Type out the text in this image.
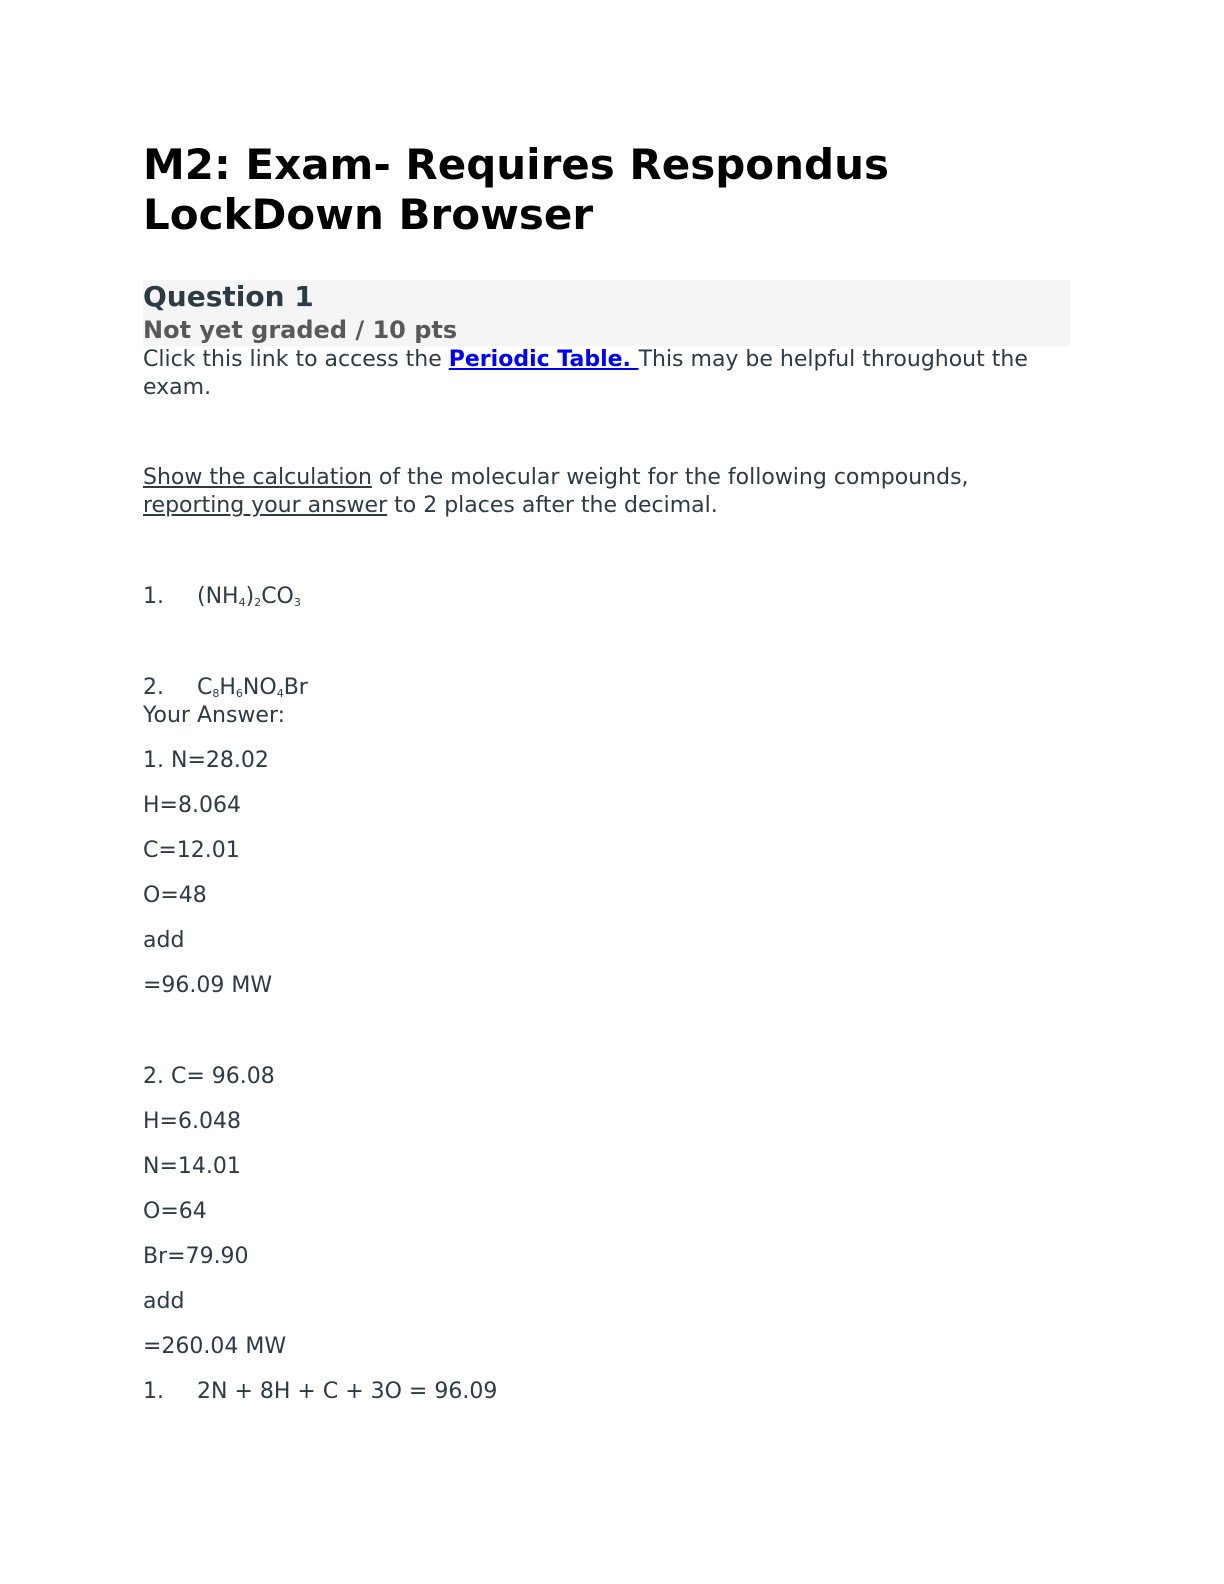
M2: Exam- Requires Respondus LockDown Browser
Question 1
Not yet graded / 10 pts

Click this link to access the Periodic Table. This may be helpful throughout the exam.

Show the calculation of the molecular weight for the following compounds, reporting your answer to 2 places after the decimal.

1. $(NH_4)_2CO_3$

2. $C_8H_6NO_4Br$

Your Answer:

1. N=28.02

H=8.064

C=12.01

O=48

add

=96.09 MW

2. C= 96.08

H=6.048

N=14.01

O=64

Br=79.90

add

=260.04 MW

1. 2N + 8H + C + 3O = 96.09
